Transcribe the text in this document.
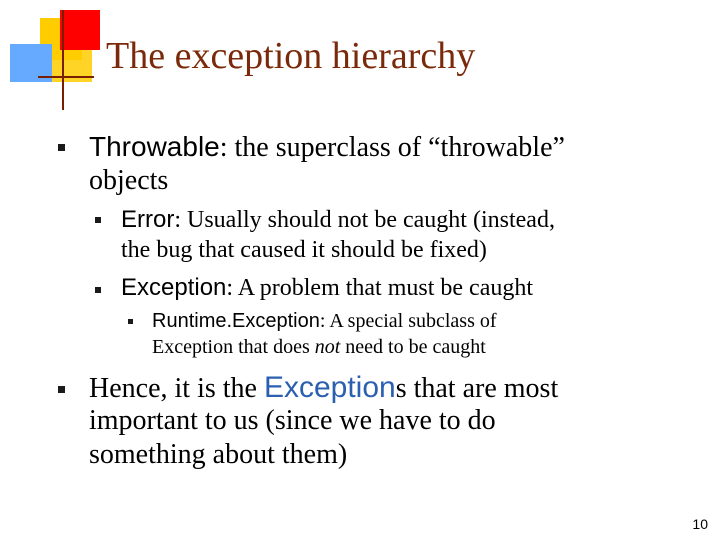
The exception hierarchy
Throwable: the superclass of “throwable”
objects
Error: Usually should not be caught (instead,
the bug that caused it should be fixed)
Exception: A problem that must be caught
Runtime.Exception: A special subclass of
Exception that does not need to be caught
Hence, it is the Exceptions that are most
important to us (since we have to do
something about them)
10
